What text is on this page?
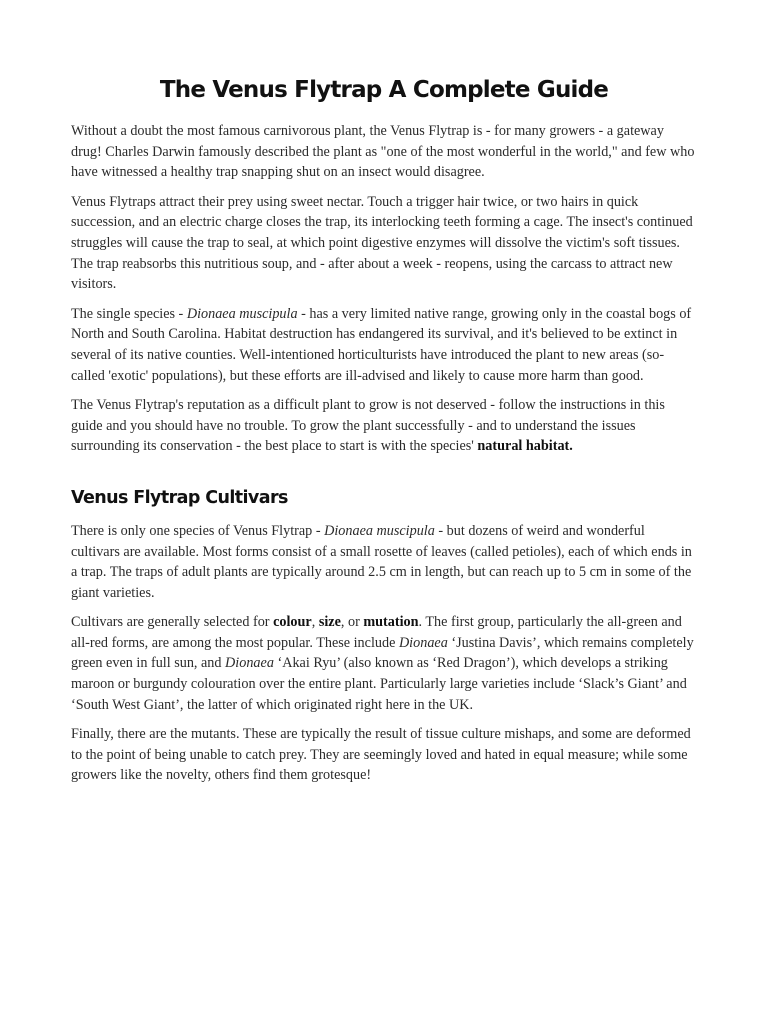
The Venus Flytrap A Complete Guide

Without a doubt the most famous carnivorous plant, the Venus Flytrap is - for many growers - a gateway drug! Charles Darwin famously described the plant as "one of the most wonderful in the world," and few who have witnessed a healthy trap snapping shut on an insect would disagree.

Venus Flytraps attract their prey using sweet nectar. Touch a trigger hair twice, or two hairs in quick succession, and an electric charge closes the trap, its interlocking teeth forming a cage. The insect's continued struggles will cause the trap to seal, at which point digestive enzymes will dissolve the victim's soft tissues. The trap reabsorbs this nutritious soup, and - after about a week - reopens, using the carcass to attract new visitors.

The single species - Dionaea muscipula - has a very limited native range, growing only in the coastal bogs of North and South Carolina. Habitat destruction has endangered its survival, and it's believed to be extinct in several of its native counties. Well-intentioned horticulturists have introduced the plant to new areas (so-called 'exotic' populations), but these efforts are ill-advised and likely to cause more harm than good.

The Venus Flytrap's reputation as a difficult plant to grow is not deserved - follow the instructions in this guide and you should have no trouble. To grow the plant successfully - and to understand the issues surrounding its conservation - the best place to start is with the species' natural habitat.

Venus Flytrap Cultivars

There is only one species of Venus Flytrap - Dionaea muscipula - but dozens of weird and wonderful cultivars are available. Most forms consist of a small rosette of leaves (called petioles), each of which ends in a trap. The traps of adult plants are typically around 2.5 cm in length, but can reach up to 5 cm in some of the giant varieties.

Cultivars are generally selected for colour, size, or mutation. The first group, particularly the all-green and all-red forms, are among the most popular. These include Dionaea ‘Justina Davis’, which remains completely green even in full sun, and Dionaea ‘Akai Ryu’ (also known as ‘Red Dragon’), which develops a striking maroon or burgundy colouration over the entire plant. Particularly large varieties include ‘Slack’s Giant’ and ‘South West Giant’, the latter of which originated right here in the UK.

Finally, there are the mutants. These are typically the result of tissue culture mishaps, and some are deformed to the point of being unable to catch prey. They are seemingly loved and hated in equal measure; while some growers like the novelty, others find them grotesque!
